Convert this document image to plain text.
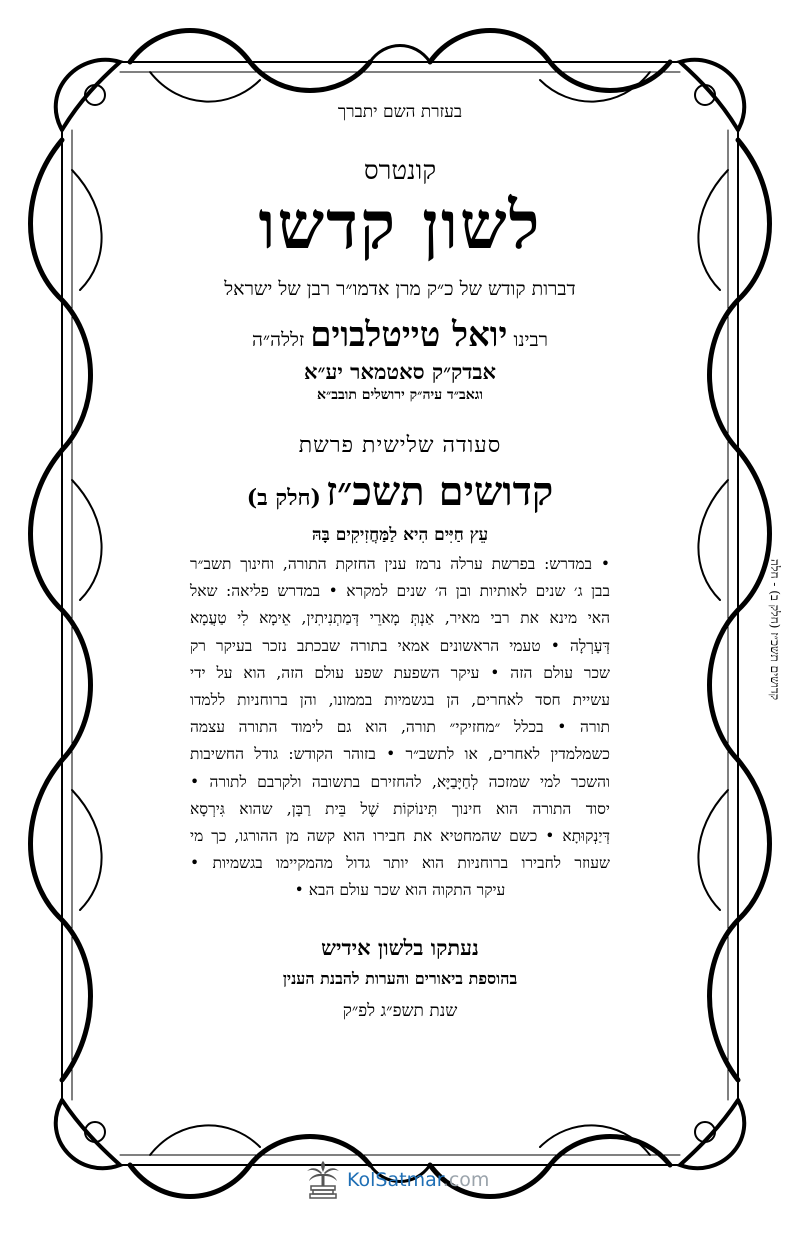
בעזרת השם יתברך
קונטרס
לשון קדשו
דברות קודש של כ״ק מרן אדמו״ר רבן של ישראל
רבינו יואל טייטלבוים זללה״ה
אבדק״ק סאטמאר יע״א
וגאב״ד עיה״ק ירושלים תובב״א
סעודה שלישית פרשת
קדושים תשכ״ז (חלק ב)
עֵץ חַיִּים הִיא לַמַּחֲזִיקִים בָּהּ
• במדרש: בפרשת ערלה נרמז ענין החזקת התורה, וחינוך תשב״ר
בבן ג׳ שנים לאותיות ובן ה׳ שנים למקרא • במדרש פליאה: שאל
האי מינא את רבי מאיר, אַנְתְּ מָארֵי דְּמַתְנִיתִין, אֵימָא לִי טַעֲמָא
דְּעָרְלָה • טעמי הראשונים אמאי בתורה שבכתב נזכר בעיקר רק
שכר עולם הזה • עיקר השפעת שפע עולם הזה, הוא על ידי
עשיית חסד לאחרים, הן בגשמיות בממונו, והן ברוחניות ללמדו
תורה • בכלל ״מחזיקי״ תורה, הוא גם לימוד התורה עצמה
כשמלמדין לאחרים, או לתשב״ר • בזוהר הקודש: גודל החשיבות
והשכר למי שמזכה לְחַיָּבַיָּא, להחזירם בתשובה ולקרבם לתורה •
יסוד התורה הוא חינוך תִּינוֹקוֹת שֶׁל בֵּית רַבָּן, שהוא גִּירְסָא
דְּיַנְקוּתָא • כשם שהמחטיא את חבירו הוא קשה מן ההורגו, כך מי
שעוזר לחבירו ברוחניות הוא יותר גדול מהמקיימו בגשמיות •
עיקר התקוה הוא שכר עולם הבא •
נעתקו בלשון אידיש
בהוספת ביאורים והערות להבנת הענין
שנת תשפ״ג לפ״ק
קדושים תשכ״ז (חלק ב) - חלה
KolSatmar.com
